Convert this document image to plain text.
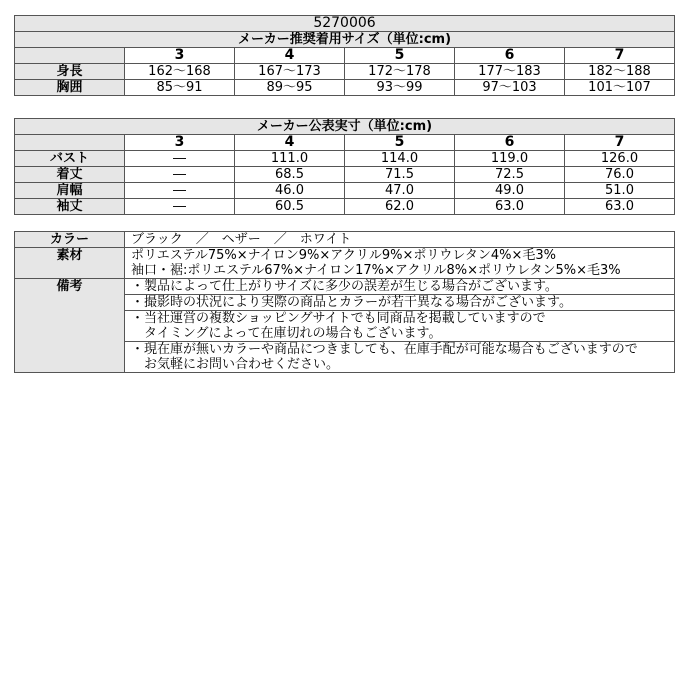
5270006					
メーカー推奨着用サイズ（単位:cm)					
	3	4	5	6	7
身長	162～168	167～173	172～178	177～183	182～188
胸囲	85～91	89～95	93～99	97～103	101～107
メーカー公表実寸（単位:cm)					
	3	4	5	6	7
バスト	―	111.0	114.0	119.0	126.0
着丈	―	68.5	71.5	72.5	76.0
肩幅	―	46.0	47.0	49.0	51.0
袖丈	―	60.5	62.0	63.0	63.0
カラー	ブラック　／　ヘザー　／　ホワイト
素材	ポリエステル75%×ナイロン9%×アクリル9%×ポリウレタン4%×毛3%
	袖口・裾:ポリエステル67%×ナイロン17%×アクリル8%×ポリウレタン5%×毛3%
備考	・製品によって仕上がりサイズに多少の誤差が生じる場合がございます。

	・撮影時の状況により実際の商品とカラーが若干異なる場合がございます。

	・当社運営の複数ショッピングサイトでも同商品を掲載していますので
　タイミングによって在庫切れの場合もございます。

	・現在庫が無いカラーや商品につきましても、在庫手配が可能な場合もございますので
　お気軽にお問い合わせください。
